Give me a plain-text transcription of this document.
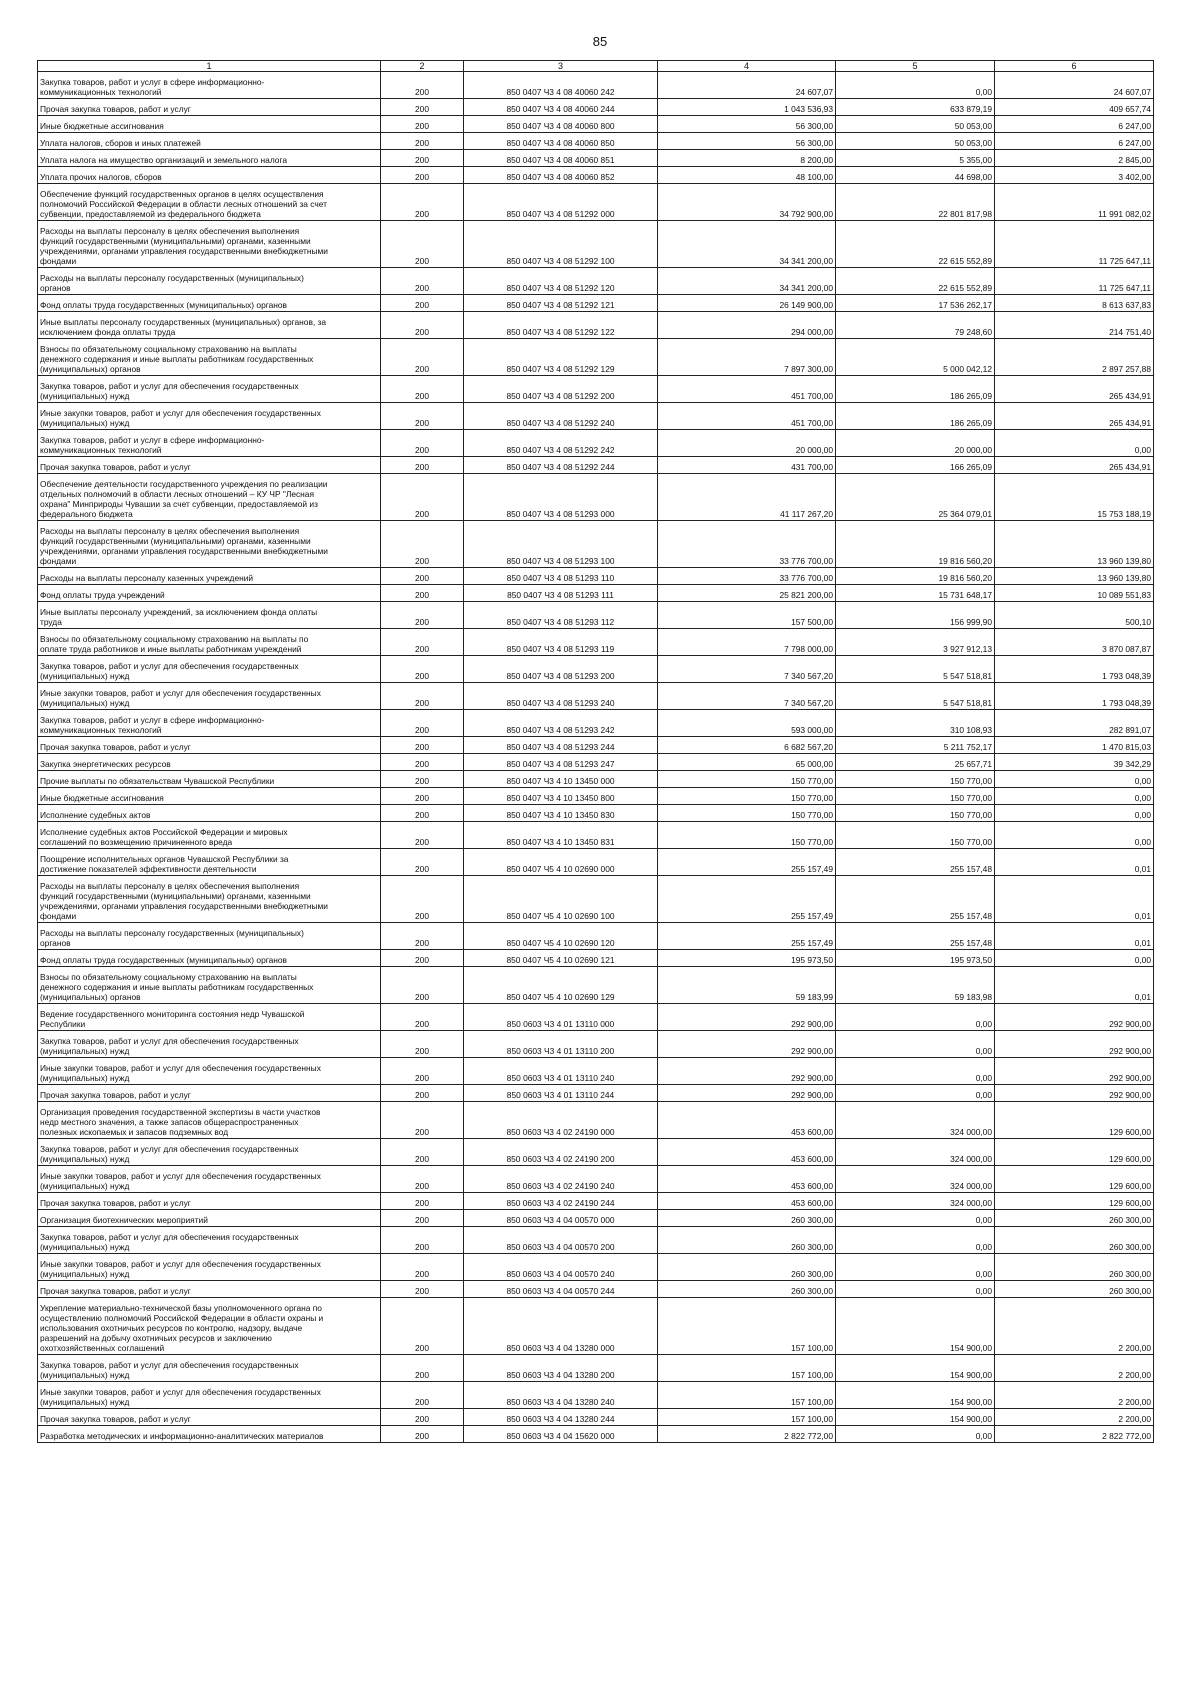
85
1	2	3	4	5	6
Закупка товаров, работ и услуг в сфере информационно-
коммуникационных технологий	200	850 0407 Ч3 4 08 40060 242	24 607,07	0,00	24 607,07
Прочая закупка товаров, работ и услуг	200	850 0407 Ч3 4 08 40060 244	1 043 536,93	633 879,19	409 657,74
Иные бюджетные ассигнования	200	850 0407 Ч3 4 08 40060 800	56 300,00	50 053,00	6 247,00
Уплата налогов, сборов и иных платежей	200	850 0407 Ч3 4 08 40060 850	56 300,00	50 053,00	6 247,00
Уплата налога на имущество организаций и земельного налога	200	850 0407 Ч3 4 08 40060 851	8 200,00	5 355,00	2 845,00
Уплата прочих налогов, сборов	200	850 0407 Ч3 4 08 40060 852	48 100,00	44 698,00	3 402,00
Обеспечение функций государственных органов в целях осуществления
полномочий Российской Федерации в области лесных отношений за счет
субвенции, предоставляемой из федерального бюджета	200	850 0407 Ч3 4 08 51292 000	34 792 900,00	22 801 817,98	11 991 082,02
Расходы на выплаты персоналу в целях обеспечения выполнения
функций государственными (муниципальными) органами, казенными
учреждениями, органами управления государственными внебюджетными
фондами	200	850 0407 Ч3 4 08 51292 100	34 341 200,00	22 615 552,89	11 725 647,11
Расходы на выплаты персоналу государственных (муниципальных)
органов	200	850 0407 Ч3 4 08 51292 120	34 341 200,00	22 615 552,89	11 725 647,11
Фонд оплаты труда государственных (муниципальных) органов	200	850 0407 Ч3 4 08 51292 121	26 149 900,00	17 536 262,17	8 613 637,83
Иные выплаты персоналу государственных (муниципальных) органов, за
исключением фонда оплаты труда	200	850 0407 Ч3 4 08 51292 122	294 000,00	79 248,60	214 751,40
Взносы по обязательному социальному страхованию на выплаты
денежного содержания и иные выплаты работникам государственных
(муниципальных) органов	200	850 0407 Ч3 4 08 51292 129	7 897 300,00	5 000 042,12	2 897 257,88
Закупка товаров, работ и услуг для обеспечения государственных
(муниципальных) нужд	200	850 0407 Ч3 4 08 51292 200	451 700,00	186 265,09	265 434,91
Иные закупки товаров, работ и услуг для обеспечения государственных
(муниципальных) нужд	200	850 0407 Ч3 4 08 51292 240	451 700,00	186 265,09	265 434,91
Закупка товаров, работ и услуг в сфере информационно-
коммуникационных технологий	200	850 0407 Ч3 4 08 51292 242	20 000,00	20 000,00	0,00
Прочая закупка товаров, работ и услуг	200	850 0407 Ч3 4 08 51292 244	431 700,00	166 265,09	265 434,91
Обеспечение деятельности государственного учреждения по реализации
отдельных полномочий в области лесных отношений – КУ ЧР "Лесная
охрана" Минприроды Чувашии за счет субвенции, предоставляемой из
федерального бюджета	200	850 0407 Ч3 4 08 51293 000	41 117 267,20	25 364 079,01	15 753 188,19
Расходы на выплаты персоналу в целях обеспечения выполнения
функций государственными (муниципальными) органами, казенными
учреждениями, органами управления государственными внебюджетными
фондами	200	850 0407 Ч3 4 08 51293 100	33 776 700,00	19 816 560,20	13 960 139,80
Расходы на выплаты персоналу казенных учреждений	200	850 0407 Ч3 4 08 51293 110	33 776 700,00	19 816 560,20	13 960 139,80
Фонд оплаты труда учреждений	200	850 0407 Ч3 4 08 51293 111	25 821 200,00	15 731 648,17	10 089 551,83
Иные выплаты персоналу учреждений, за исключением фонда оплаты
труда	200	850 0407 Ч3 4 08 51293 112	157 500,00	156 999,90	500,10
Взносы по обязательному социальному страхованию на выплаты по
оплате труда работников и иные выплаты работникам учреждений	200	850 0407 Ч3 4 08 51293 119	7 798 000,00	3 927 912,13	3 870 087,87
Закупка товаров, работ и услуг для обеспечения государственных
(муниципальных) нужд	200	850 0407 Ч3 4 08 51293 200	7 340 567,20	5 547 518,81	1 793 048,39
Иные закупки товаров, работ и услуг для обеспечения государственных
(муниципальных) нужд	200	850 0407 Ч3 4 08 51293 240	7 340 567,20	5 547 518,81	1 793 048,39
Закупка товаров, работ и услуг в сфере информационно-
коммуникационных технологий	200	850 0407 Ч3 4 08 51293 242	593 000,00	310 108,93	282 891,07
Прочая закупка товаров, работ и услуг	200	850 0407 Ч3 4 08 51293 244	6 682 567,20	5 211 752,17	1 470 815,03
Закупка энергетических ресурсов	200	850 0407 Ч3 4 08 51293 247	65 000,00	25 657,71	39 342,29
Прочие выплаты по обязательствам Чувашской Республики	200	850 0407 Ч3 4 10 13450 000	150 770,00	150 770,00	0,00
Иные бюджетные ассигнования	200	850 0407 Ч3 4 10 13450 800	150 770,00	150 770,00	0,00
Исполнение судебных актов	200	850 0407 Ч3 4 10 13450 830	150 770,00	150 770,00	0,00
Исполнение судебных актов Российской Федерации и мировых
соглашений по возмещению причиненного вреда	200	850 0407 Ч3 4 10 13450 831	150 770,00	150 770,00	0,00
Поощрение исполнительных органов Чувашской Республики за
достижение показателей эффективности деятельности	200	850 0407 Ч5 4 10 02690 000	255 157,49	255 157,48	0,01
Расходы на выплаты персоналу в целях обеспечения выполнения
функций государственными (муниципальными) органами, казенными
учреждениями, органами управления государственными внебюджетными
фондами	200	850 0407 Ч5 4 10 02690 100	255 157,49	255 157,48	0,01
Расходы на выплаты персоналу государственных (муниципальных)
органов	200	850 0407 Ч5 4 10 02690 120	255 157,49	255 157,48	0,01
Фонд оплаты труда государственных (муниципальных) органов	200	850 0407 Ч5 4 10 02690 121	195 973,50	195 973,50	0,00
Взносы по обязательному социальному страхованию на выплаты
денежного содержания и иные выплаты работникам государственных
(муниципальных) органов	200	850 0407 Ч5 4 10 02690 129	59 183,99	59 183,98	0,01
Ведение государственного мониторинга состояния недр Чувашской
Республики	200	850 0603 Ч3 4 01 13110 000	292 900,00	0,00	292 900,00
Закупка товаров, работ и услуг для обеспечения государственных
(муниципальных) нужд	200	850 0603 Ч3 4 01 13110 200	292 900,00	0,00	292 900,00
Иные закупки товаров, работ и услуг для обеспечения государственных
(муниципальных) нужд	200	850 0603 Ч3 4 01 13110 240	292 900,00	0,00	292 900,00
Прочая закупка товаров, работ и услуг	200	850 0603 Ч3 4 01 13110 244	292 900,00	0,00	292 900,00
Организация проведения государственной экспертизы в части участков
недр местного значения, а также запасов общераспространенных
полезных ископаемых и запасов подземных вод	200	850 0603 Ч3 4 02 24190 000	453 600,00	324 000,00	129 600,00
Закупка товаров, работ и услуг для обеспечения государственных
(муниципальных) нужд	200	850 0603 Ч3 4 02 24190 200	453 600,00	324 000,00	129 600,00
Иные закупки товаров, работ и услуг для обеспечения государственных
(муниципальных) нужд	200	850 0603 Ч3 4 02 24190 240	453 600,00	324 000,00	129 600,00
Прочая закупка товаров, работ и услуг	200	850 0603 Ч3 4 02 24190 244	453 600,00	324 000,00	129 600,00
Организация биотехнических мероприятий	200	850 0603 Ч3 4 04 00570 000	260 300,00	0,00	260 300,00
Закупка товаров, работ и услуг для обеспечения государственных
(муниципальных) нужд	200	850 0603 Ч3 4 04 00570 200	260 300,00	0,00	260 300,00
Иные закупки товаров, работ и услуг для обеспечения государственных
(муниципальных) нужд	200	850 0603 Ч3 4 04 00570 240	260 300,00	0,00	260 300,00
Прочая закупка товаров, работ и услуг	200	850 0603 Ч3 4 04 00570 244	260 300,00	0,00	260 300,00
Укрепление материально-технической базы уполномоченного органа по
осуществлению полномочий Российской Федерации в области охраны и
использования охотничьих ресурсов по контролю, надзору, выдаче
разрешений на добычу охотничьих ресурсов и заключению
охотхозяйственных соглашений	200	850 0603 Ч3 4 04 13280 000	157 100,00	154 900,00	2 200,00
Закупка товаров, работ и услуг для обеспечения государственных
(муниципальных) нужд	200	850 0603 Ч3 4 04 13280 200	157 100,00	154 900,00	2 200,00
Иные закупки товаров, работ и услуг для обеспечения государственных
(муниципальных) нужд	200	850 0603 Ч3 4 04 13280 240	157 100,00	154 900,00	2 200,00
Прочая закупка товаров, работ и услуг	200	850 0603 Ч3 4 04 13280 244	157 100,00	154 900,00	2 200,00
Разработка методических и информационно-аналитических материалов	200	850 0603 Ч3 4 04 15620 000	2 822 772,00	0,00	2 822 772,00
